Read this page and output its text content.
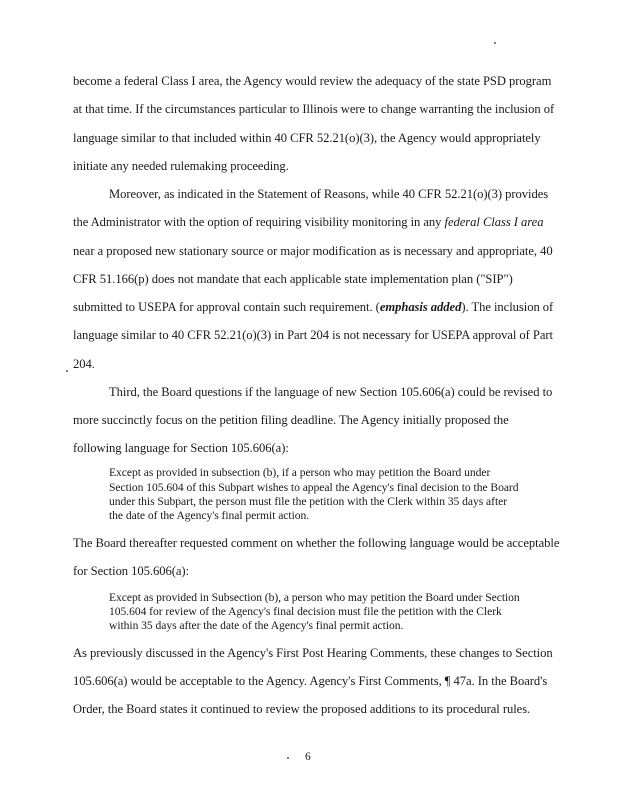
become a federal Class I area, the Agency would review the adequacy of the state PSD program
at that time. If the circumstances particular to Illinois were to change warranting the inclusion of
language similar to that included within 40 CFR 52.21(o)(3), the Agency would appropriately
initiate any needed rulemaking proceeding.
Moreover, as indicated in the Statement of Reasons, while 40 CFR 52.21(o)(3) provides
the Administrator with the option of requiring visibility monitoring in any federal Class I area
near a proposed new stationary source or major modification as is necessary and appropriate, 40
CFR 51.166(p) does not mandate that each applicable state implementation plan ("SIP")
submitted to USEPA for approval contain such requirement. (emphasis added). The inclusion of
language similar to 40 CFR 52.21(o)(3) in Part 204 is not necessary for USEPA approval of Part
204.
Third, the Board questions if the language of new Section 105.606(a) could be revised to
more succinctly focus on the petition filing deadline. The Agency initially proposed the
following language for Section 105.606(a):
Except as provided in subsection (b), if a person who may petition the Board under
Section 105.604 of this Subpart wishes to appeal the Agency's final decision to the Board
under this Subpart, the person must file the petition with the Clerk within 35 days after
the date of the Agency's final permit action.
The Board thereafter requested comment on whether the following language would be acceptable
for Section 105.606(a):
Except as provided in Subsection (b), a person who may petition the Board under Section
105.604 for review of the Agency's final decision must file the petition with the Clerk
within 35 days after the date of the Agency's final permit action.
As previously discussed in the Agency's First Post Hearing Comments, these changes to Section
105.606(a) would be acceptable to the Agency. Agency's First Comments, ¶ 47a. In the Board's
Order, the Board states it continued to review the proposed additions to its procedural rules.
6
